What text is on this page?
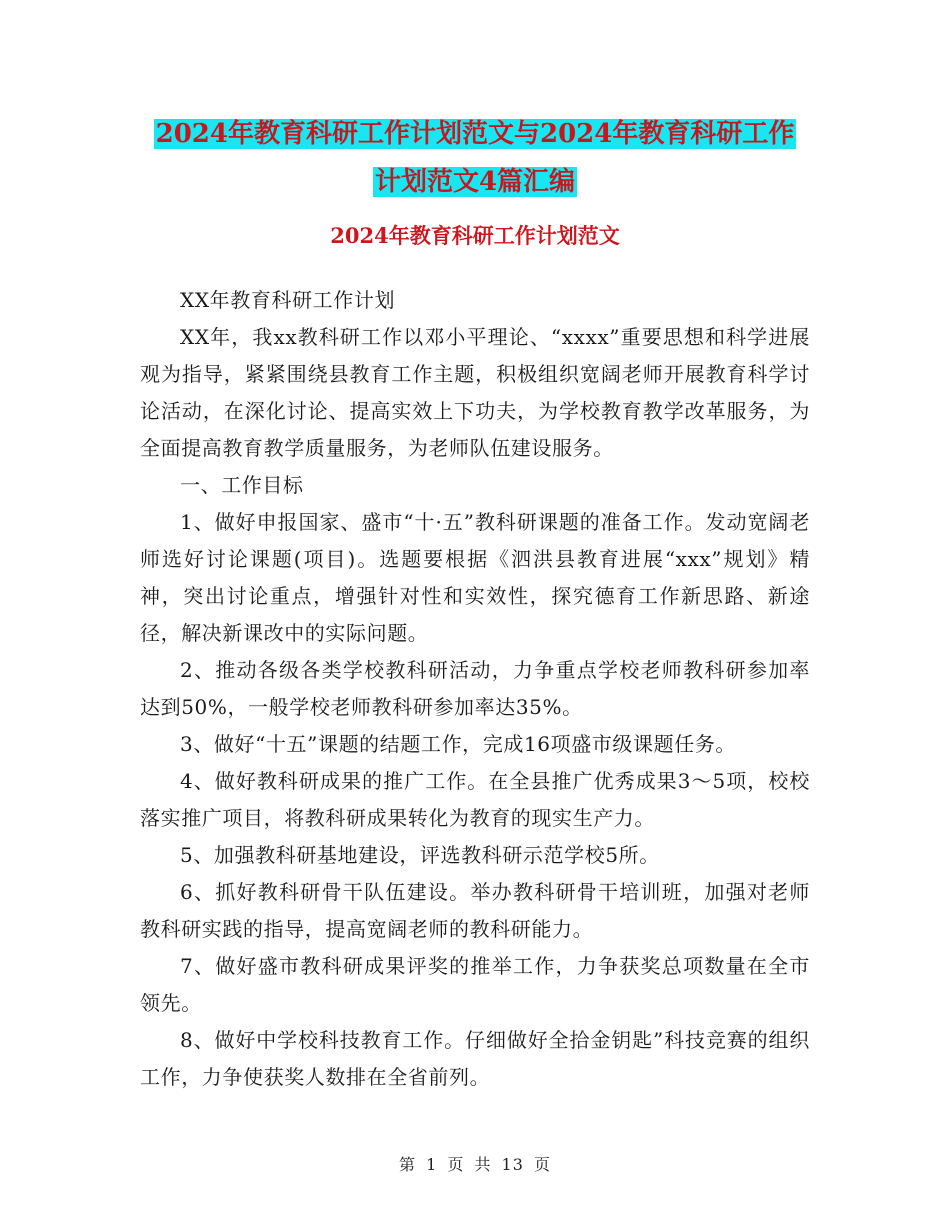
2024年教育科研工作计划范文与2024年教育科研工作
计划范文4篇汇编
2024年教育科研工作计划范文

XX年教育科研工作计划

XX年，我xx教科研工作以邓小平理论、“xxxx”重要思想和科学进展观为指导，紧紧围绕县教育工作主题，积极组织宽阔老师开展教育科学讨论活动，在深化讨论、提高实效上下功夫，为学校教育教学改革服务，为全面提高教育教学质量服务，为老师队伍建设服务。

一、工作目标

1、做好申报国家、盛市“十·五”教科研课题的准备工作。发动宽阔老师选好讨论课题(项目)。选题要根据《泗洪县教育进展“xxx”规划》精神，突出讨论重点，增强针对性和实效性，探究德育工作新思路、新途径，解决新课改中的实际问题。

2、推动各级各类学校教科研活动，力争重点学校老师教科研参加率达到50%，一般学校老师教科研参加率达35%。

3、做好“十五”课题的结题工作，完成16项盛市级课题任务。

4、做好教科研成果的推广工作。在全县推广优秀成果3～5项，校校落实推广项目，将教科研成果转化为教育的现实生产力。

5、加强教科研基地建设，评选教科研示范学校5所。

6、抓好教科研骨干队伍建设。举办教科研骨干培训班，加强对老师教科研实践的指导，提高宽阔老师的教科研能力。

7、做好盛市教科研成果评奖的推举工作，力争获奖总项数量在全市领先。

8、做好中学校科技教育工作。仔细做好全拾金钥匙”科技竞赛的组织工作，力争使获奖人数排在全省前列。

第 1 页 共 13 页
